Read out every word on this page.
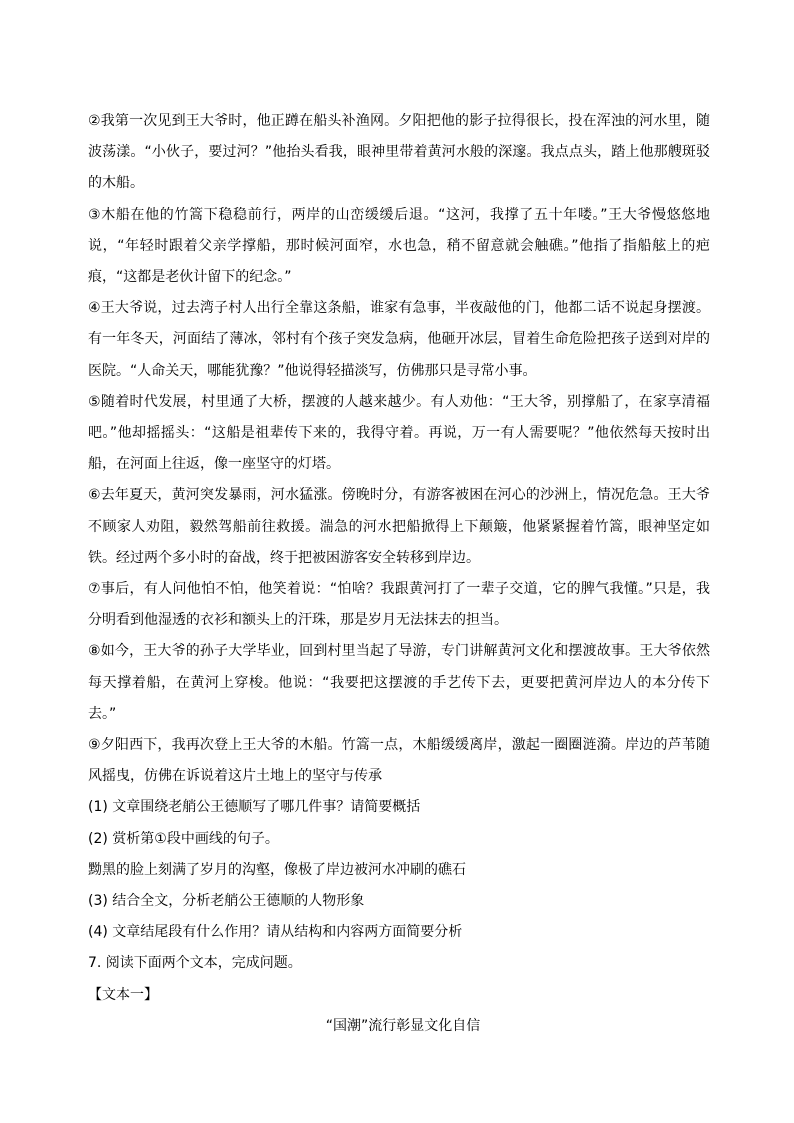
②我第一次见到王大爷时，他正蹲在船头补渔网。夕阳把他的影子拉得很长，投在浑浊的河水里，随波荡漾。“小伙子，要过河？”他抬头看我，眼神里带着黄河水般的深邃。我点点头，踏上他那艘斑驳的木船。

③木船在他的竹篙下稳稳前行，两岸的山峦缓缓后退。“这河，我撑了五十年喽。”王大爷慢悠悠地说，“年轻时跟着父亲学撑船，那时候河面窄，水也急，稍不留意就会触礁。”他指了指船舷上的疤痕，“这都是老伙计留下的纪念。”

④王大爷说，过去湾子村人出行全靠这条船，谁家有急事，半夜敲他的门，他都二话不说起身摆渡。有一年冬天，河面结了薄冰，邻村有个孩子突发急病，他砸开冰层，冒着生命危险把孩子送到对岸的医院。“人命关天，哪能犹豫？”他说得轻描淡写，仿佛那只是寻常小事。

⑤随着时代发展，村里通了大桥，摆渡的人越来越少。有人劝他：“王大爷，别撑船了，在家享清福吧。”他却摇摇头：“这船是祖辈传下来的，我得守着。再说，万一有人需要呢？”他依然每天按时出船，在河面上往返，像一座坚守的灯塔。

⑥去年夏天，黄河突发暴雨，河水猛涨。傍晚时分，有游客被困在河心的沙洲上，情况危急。王大爷不顾家人劝阻，毅然驾船前往救援。湍急的河水把船掀得上下颠簸，他紧紧握着竹篙，眼神坚定如铁。经过两个多小时的奋战，终于把被困游客安全转移到岸边。

⑦事后，有人问他怕不怕，他笑着说：“怕啥？我跟黄河打了一辈子交道，它的脾气我懂。”只是，我分明看到他湿透的衣衫和额头上的汗珠，那是岁月无法抹去的担当。

⑧如今，王大爷的孙子大学毕业，回到村里当起了导游，专门讲解黄河文化和摆渡故事。王大爷依然每天撑着船，在黄河上穿梭。他说：“我要把这摆渡的手艺传下去，更要把黄河岸边人的本分传下去。”

⑨夕阳西下，我再次登上王大爷的木船。竹篙一点，木船缓缓离岸，激起一圈圈涟漪。岸边的芦苇随风摇曳，仿佛在诉说着这片土地上的坚守与传承

(1) 文章围绕老艄公王德顺写了哪几件事？请简要概括

(2) 赏析第①段中画线的句子。

黝黑的脸上刻满了岁月的沟壑，像极了岸边被河水冲刷的礁石

(3) 结合全文，分析老艄公王德顺的人物形象

(4) 文章结尾段有什么作用？请从结构和内容两方面简要分析

7. 阅读下面两个文本，完成问题。

【文本一】

“国潮”流行彰显文化自信
